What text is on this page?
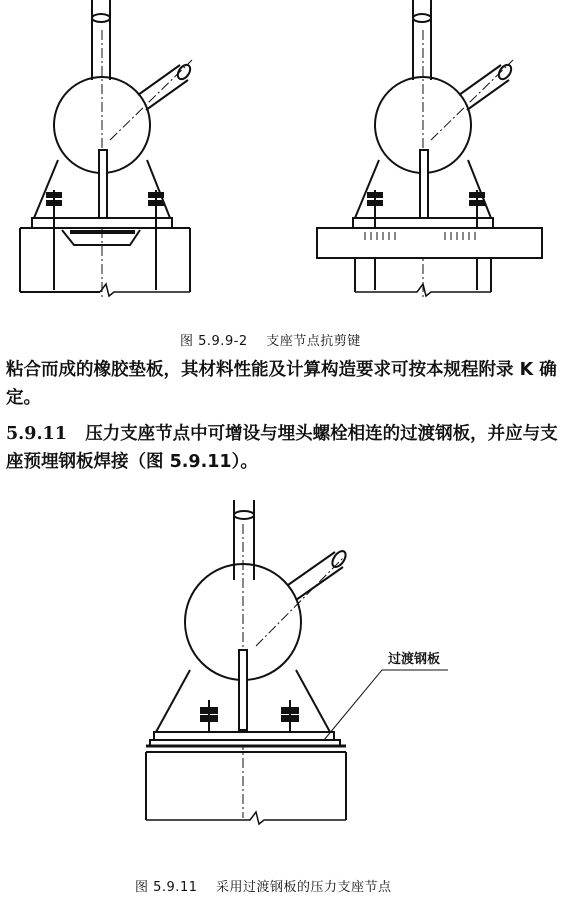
图 5.9.9-2 支座节点抗剪键
粘合而成的橡胶垫板，其材料性能及计算构造要求可按本规程附录 K 确定。
5.9.11 压力支座节点中可增设与埋头螺栓相连的过渡钢板，并应与支座预埋钢板焊接（图 5.9.11）。
过渡钢板
图 5.9.11 采用过渡钢板的压力支座节点
